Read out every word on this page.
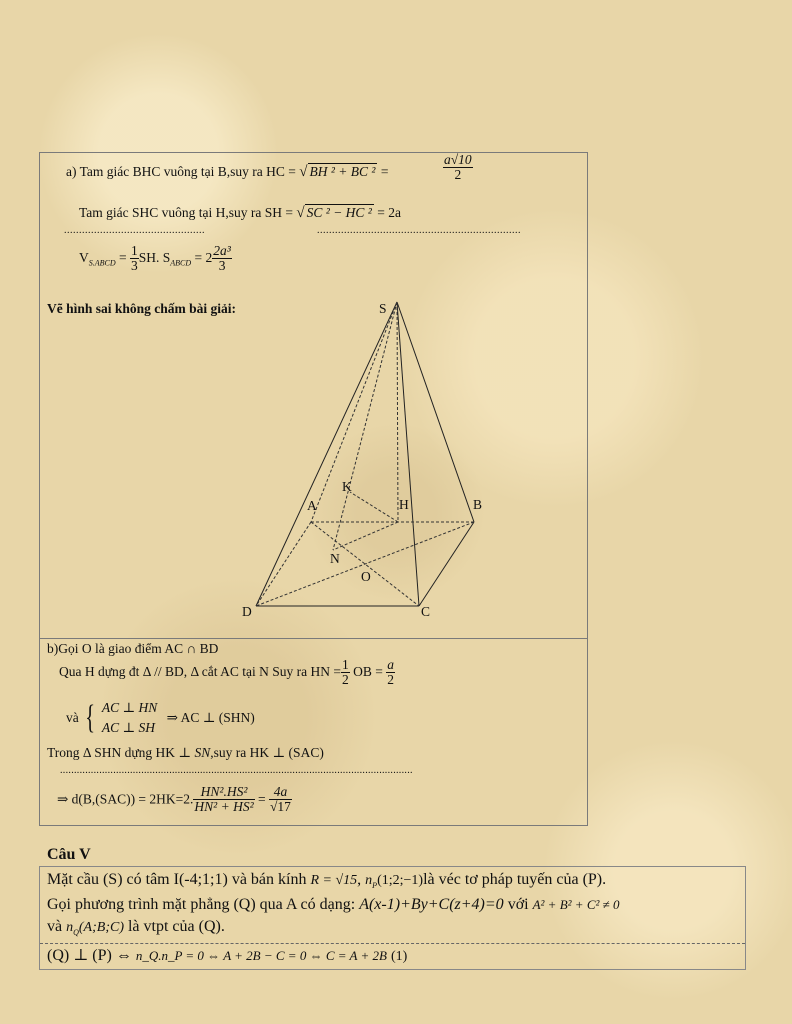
a) Tam giác BHC vuông tại B,suy ra HC = √ BH ² + BC ² =	$\frac{a√10}{2}$
Tam giác SHC vuông tại H,suy ra SH = √ SC ² − HC ² = 2a
...............................................	....................................................................
$V_{S.ABCD} = \frac{1}{3}$ SH. $S_{ABCD} = 2 \frac{\text{2a³}}{3}$
Vẽ hình sai không chấm bài giải:	S
A	B
C
D
H
K
N
O
b)Gọi O là giao điểm AC ∩ BD
Qua H dựng đt Δ // BD, Δ cắt AC tại N Suy ra HN = $\frac{1}{2}$ OB = $\frac{a}{2}$
và { AC ⊥ HN
AC ⊥ SH
⇒ AC ⊥ (SHN)
Trong Δ SHN dựng HK ⊥ SN,suy ra HK ⊥ (SAC)
..............................................................................................................................
⇒ d(B,(SAC)) = 2HK=2. $\frac{\text{HN².HS²}}{\text{HN² + HS²}} = \frac{4a}{√17}$
Câu V
Mặt cầu (S) có tâm I(-4;1;1) và bán kính R = √15, $n_P(1;2;-1)là$ véc tơ pháp tuyến của (P).
Gọi phương trình mặt phẳng (Q) qua A có dạng: A(x-1)+By+C(z+4)=0 với A² + B² + C² ≠ 0
và $n_Q(A;B;C)$ là vtpt của (Q).
(Q) ⊥ (P) ⇔ n_Q.n_P = 0 ⇔ A + 2B − C = 0 ⇔ C = A + 2B (1)
